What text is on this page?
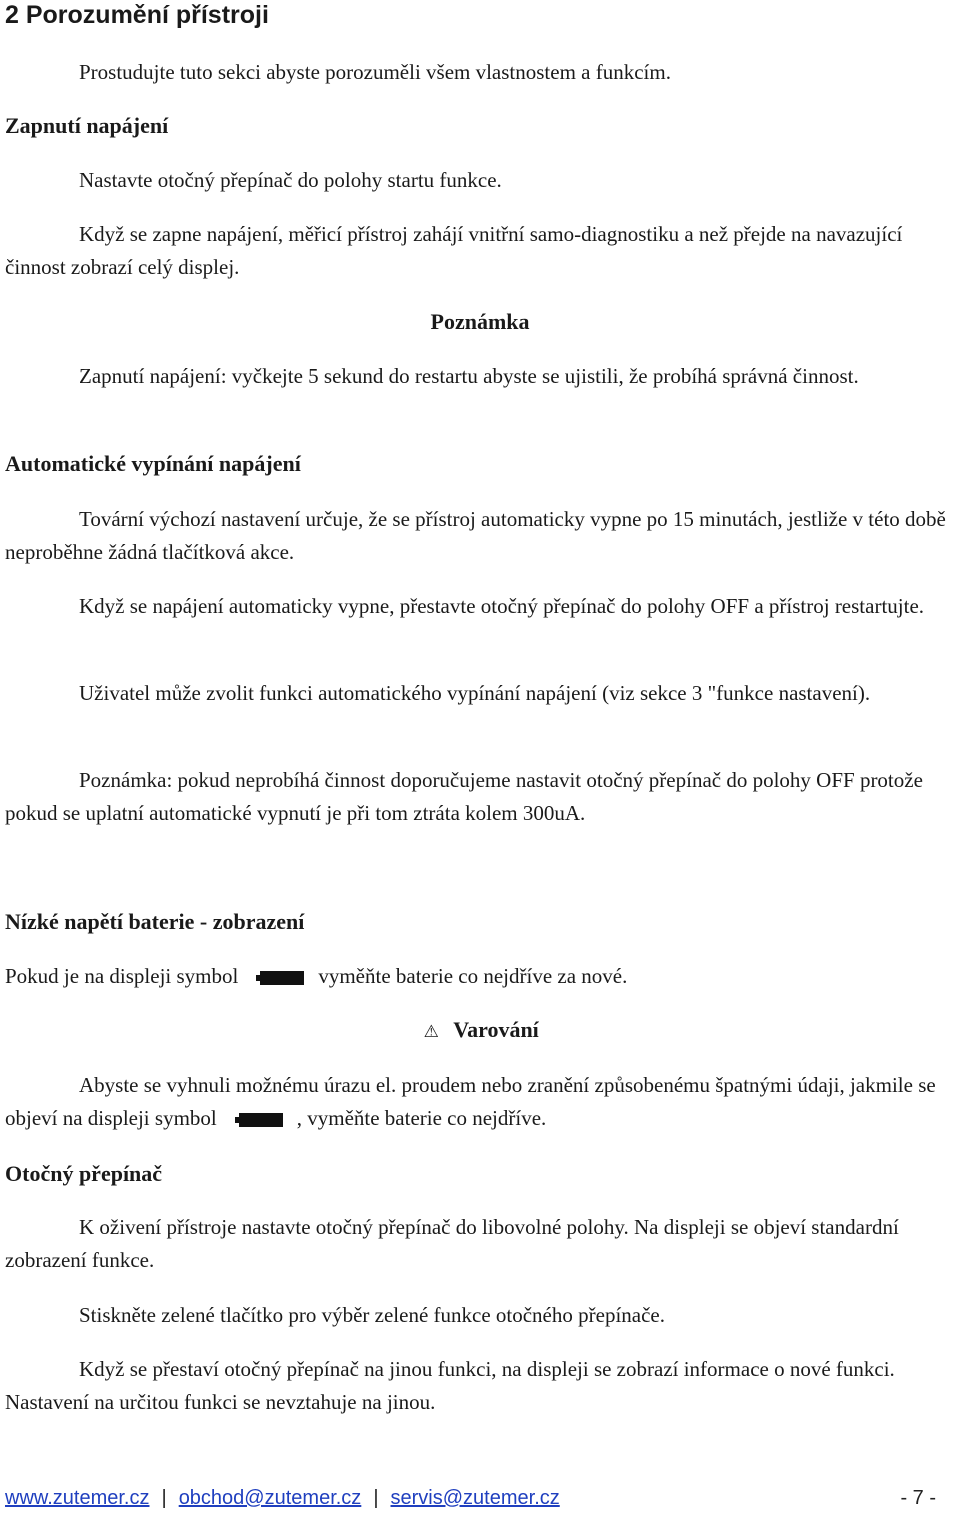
2 Porozumění přístroji

Prostudujte tuto sekci abyste porozuměli všem vlastnostem a funkcím.

Zapnutí napájení

Nastavte otočný přepínač do polohy startu funkce.

Když se zapne napájení, měřicí přístroj zahájí vnitřní samo-diagnostiku a než přejde na navazující činnost zobrazí celý displej.

Poznámka

Zapnutí napájení: vyčkejte 5 sekund do restartu abyste se ujistili, že probíhá správná činnost.

Automatické vypínání napájení

Tovární výchozí nastavení určuje, že se přístroj automaticky vypne po 15 minutách, jestliže v této době neproběhne žádná tlačítková akce.

Když se napájení automaticky vypne, přestavte otočný přepínač do polohy OFF a přístroj restartujte.

Uživatel může zvolit funkci automatického vypínání napájení (viz sekce 3 "funkce nastavení).

Poznámka: pokud neprobíhá činnost doporučujeme nastavit otočný přepínač do polohy OFF protože pokud se uplatní automatické vypnutí je při tom ztráta kolem 300uA.

Nízké napětí baterie - zobrazení

Pokud je na displeji symbol	vyměňte baterie co nejdříve za nové.

⚠ Varování

Abyste se vyhnuli možnému úrazu el. proudem nebo zranění způsobenému špatnými údaji, jakmile se objeví na displeji symbol	, vyměňte baterie co nejdříve.

Otočný přepínač

K oživení přístroje nastavte otočný přepínač do libovolné polohy. Na displeji se objeví standardní zobrazení funkce.

Stiskněte zelené tlačítko pro výběr zelené funkce otočného přepínače.

Když se přestaví otočný přepínač na jinou funkci, na displeji se zobrazí informace o nové funkci. Nastavení na určitou funkci se nevztahuje na jinou.

www.zutemer.cz | obchod@zutemer.cz | servis@zutemer.cz	- 7 -
